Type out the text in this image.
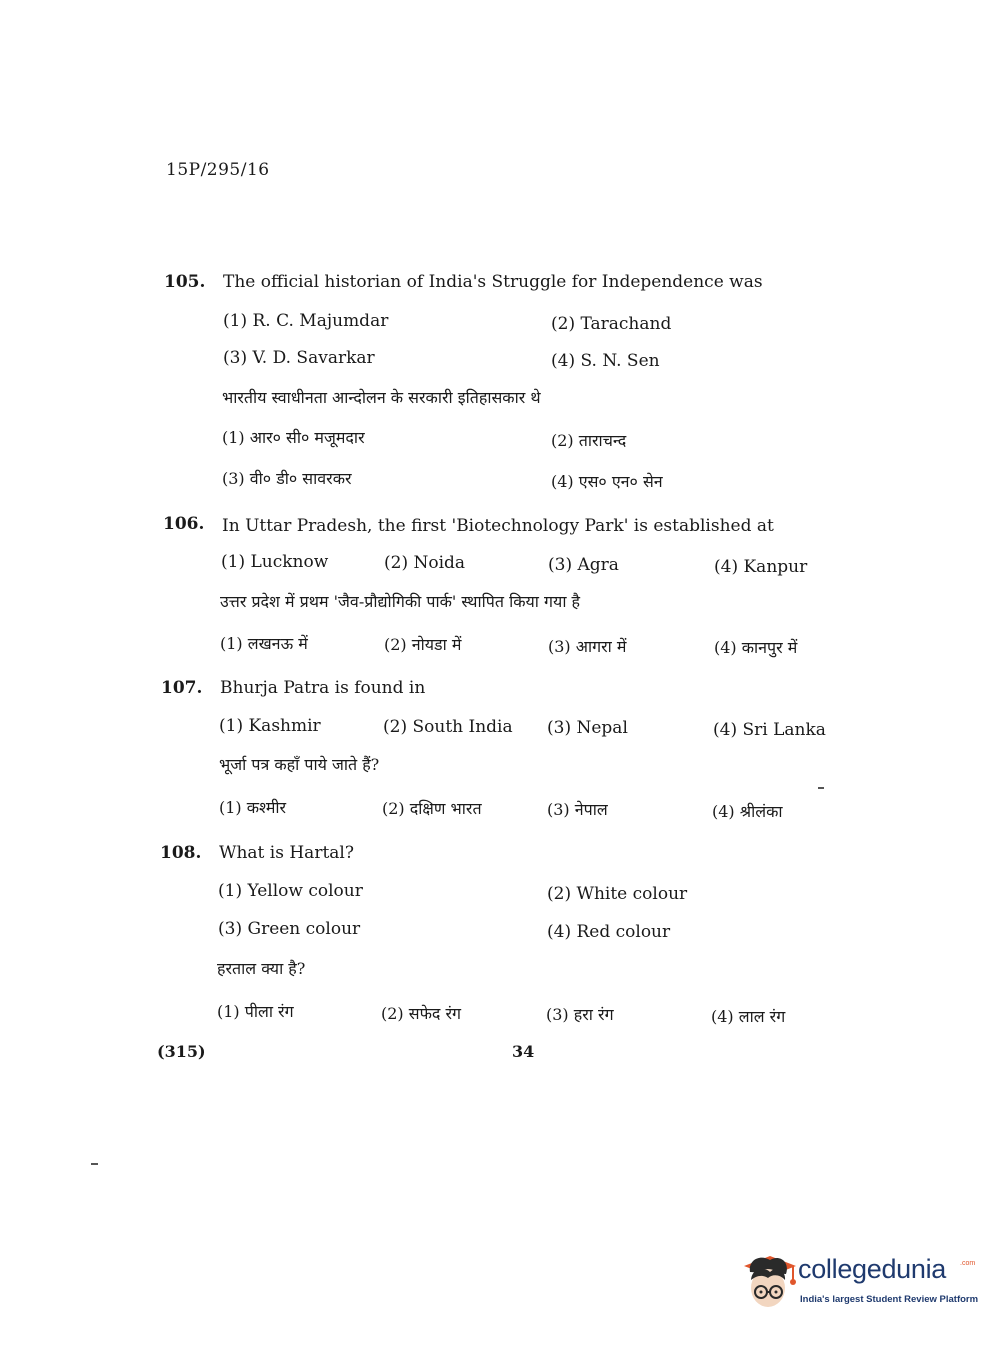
15P/295/16
105. The official historian of India's Struggle for Independence was
(1) R. C. Majumdar	(2) Tarachand
(3) V. D. Savarkar	(4) S. N. Sen
भारतीय स्वाधीनता आन्दोलन के सरकारी इतिहासकार थे
(1) आर० सी० मजूमदार	(2) ताराचन्द
(3) वी० डी० सावरकर	(4) एस० एन० सेन
106. In Uttar Pradesh, the first 'Biotechnology Park' is established at
(1) Lucknow	(2) Noida	(3) Agra	(4) Kanpur
उत्तर प्रदेश में प्रथम 'जैव-प्रौद्योगिकी पार्क' स्थापित किया गया है
(1) लखनऊ में	(2) नोयडा में	(3) आगरा में	(4) कानपुर में
107. Bhurja Patra is found in
(1) Kashmir	(2) South India (3) Nepal	(4) Sri Lanka
भूर्जा पत्र कहाँ पाये जाते हैं?
(1) कश्मीर	(2) दक्षिण भारत	(3) नेपाल	(4) श्रीलंका
108. What is Hartal?
(1) Yellow colour	(2) White colour
(3) Green colour	(4) Red colour
हरताल क्या है?
(1) पीला रंग	(2) सफेद रंग	(3) हरा रंग	(4) लाल रंग
(315)	34
collegedunia .com
India's largest Student Review Platform
